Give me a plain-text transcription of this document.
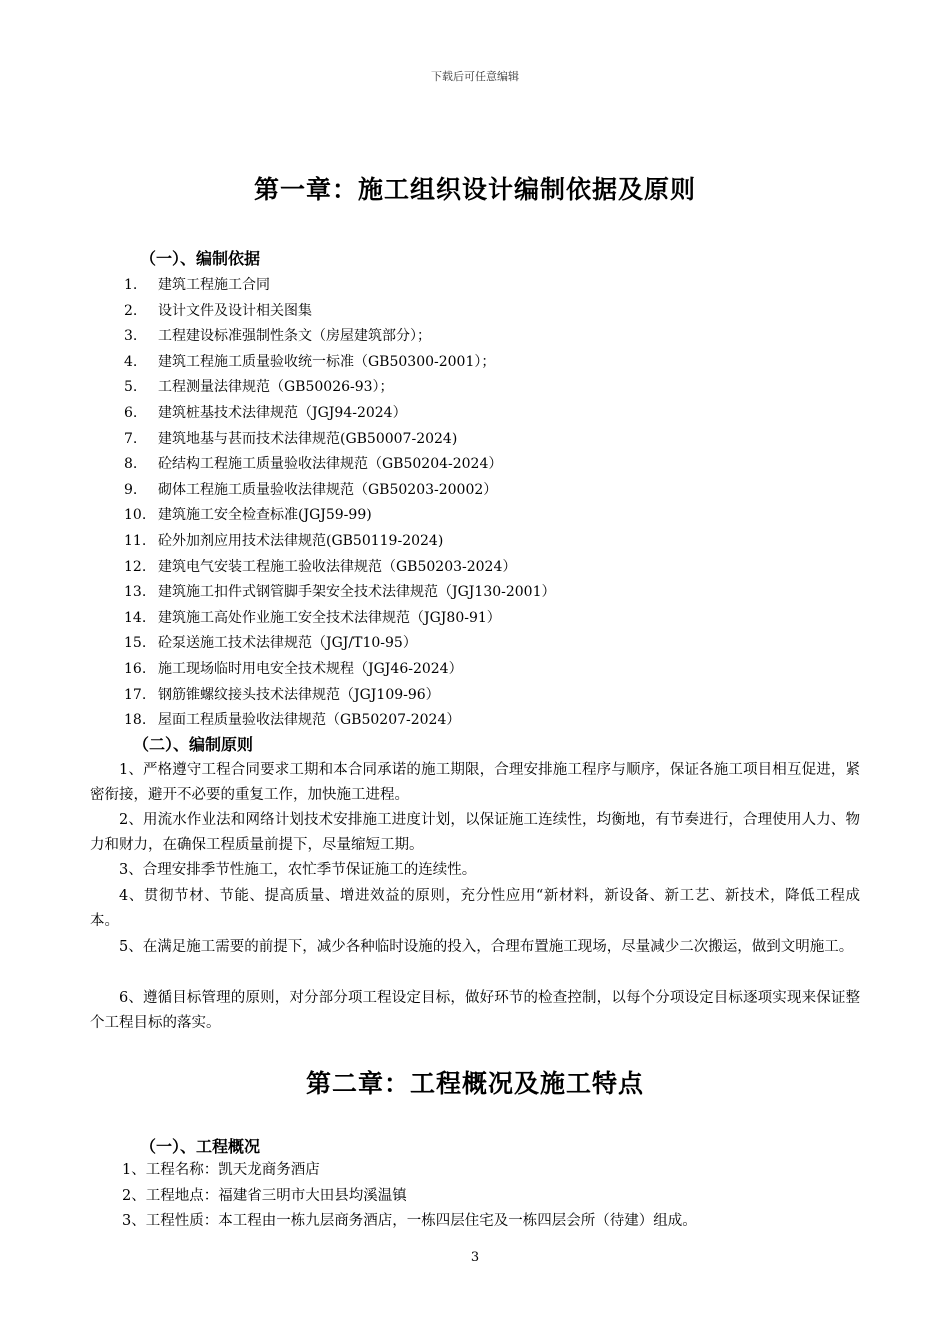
下载后可任意编辑
第一章：施工组织设计编制依据及原则
（一）、编制依据
1. 建筑工程施工合同
2. 设计文件及设计相关图集
3. 工程建设标准强制性条文（房屋建筑部分）；
4. 建筑工程施工质量验收统一标准（GB50300-2001）；
5. 工程测量法律规范（GB50026-93）；
6. 建筑桩基技术法律规范（JGJ94-2024）
7. 建筑地基与甚而技术法律规范(GB50007-2024)
8. 砼结构工程施工质量验收法律规范（GB50204-2024）
9. 砌体工程施工质量验收法律规范（GB50203-20002）
10. 建筑施工安全检查标准(JGJ59-99)
11. 砼外加剂应用技术法律规范(GB50119-2024)
12. 建筑电气安装工程施工验收法律规范（GB50203-2024）
13. 建筑施工扣件式钢管脚手架安全技术法律规范（JGJ130-2001）
14. 建筑施工高处作业施工安全技术法律规范（JGJ80-91）
15. 砼泵送施工技术法律规范（JGJ/T10-95）
16. 施工现场临时用电安全技术规程（JGJ46-2024）
17. 钢筋锥螺纹接头技术法律规范（JGJ109-96）
18. 屋面工程质量验收法律规范（GB50207-2024）
（二）、编制原则

1、严格遵守工程合同要求工期和本合同承诺的施工期限，合理安排施工程序与顺序，保证各施工项目相互促进，紧密衔接，避开不必要的重复工作，加快施工进程。

2、用流水作业法和网络计划技术安排施工进度计划，以保证施工连续性，均衡地，有节奏进行，合理使用人力、物力和财力，在确保工程质量前提下，尽量缩短工期。

3、合理安排季节性施工，农忙季节保证施工的连续性。

4、贯彻节材、节能、提高质量、增进效益的原则，充分性应用“新材料，新设备、新工艺、新技术，降低工程成本。

5、在满足施工需要的前提下，减少各种临时设施的投入，合理布置施工现场，尽量减少二次搬运，做到文明施工。

6、遵循目标管理的原则，对分部分项工程设定目标，做好环节的检查控制，以每个分项设定目标逐项实现来保证整个工程目标的落实。

第二章：工程概况及施工特点
（一）、工程概况

1、工程名称：凯天龙商务酒店

2、工程地点：福建省三明市大田县均溪温镇

3、工程性质：本工程由一栋九层商务酒店，一栋四层住宅及一栋四层会所（待建）组成。

3
